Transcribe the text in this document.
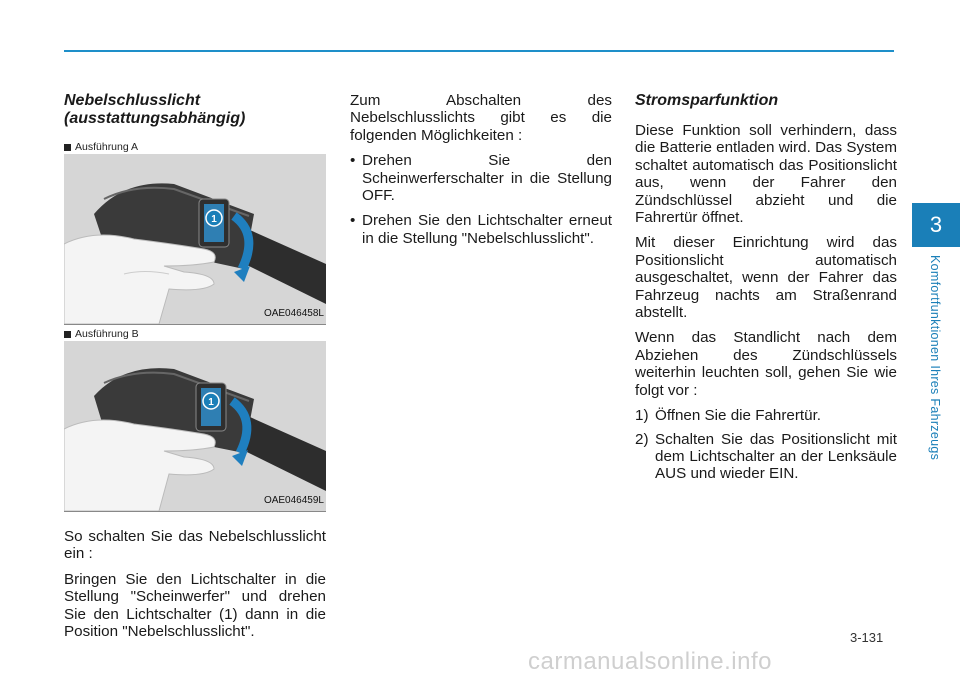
Nebelschlusslicht (ausstattungsabhängig)
Ausführung A
1
OAE046458L
Ausführung B
1
OAE046459L

So schalten Sie das Nebelschlusslicht ein :

Bringen Sie den Lichtschalter in die Stellung "Scheinwerfer" und drehen Sie den Lichtschalter (1) dann in die Position "Nebelschlusslicht".

Zum Abschalten des Nebelschlusslichts gibt es die folgenden Möglichkeiten :

• Drehen Sie den Scheinwerferschalter in die Stellung OFF.
• Drehen Sie den Lichtschalter erneut in die Stellung "Nebelschlusslicht".
Stromsparfunktion

Diese Funktion soll verhindern, dass die Batterie entladen wird. Das System schaltet automatisch das Positionslicht aus, wenn der Fahrer den Zündschlüssel abzieht und die Fahrertür öffnet.

Mit dieser Einrichtung wird das Positionslicht automatisch ausgeschaltet, wenn der Fahrer das Fahrzeug nachts am Straßenrand abstellt.

Wenn das Standlicht nach dem Abziehen des Zündschlüssels weiterhin leuchten soll, gehen Sie wie folgt vor :

1) Öffnen Sie die Fahrertür.
2) Schalten Sie das Positionslicht mit dem Lichtschalter an der Lenksäule AUS und wieder EIN.
3
Komfortfunktionen Ihres Fahrzeugs
3-131
carmanualsonline.info
